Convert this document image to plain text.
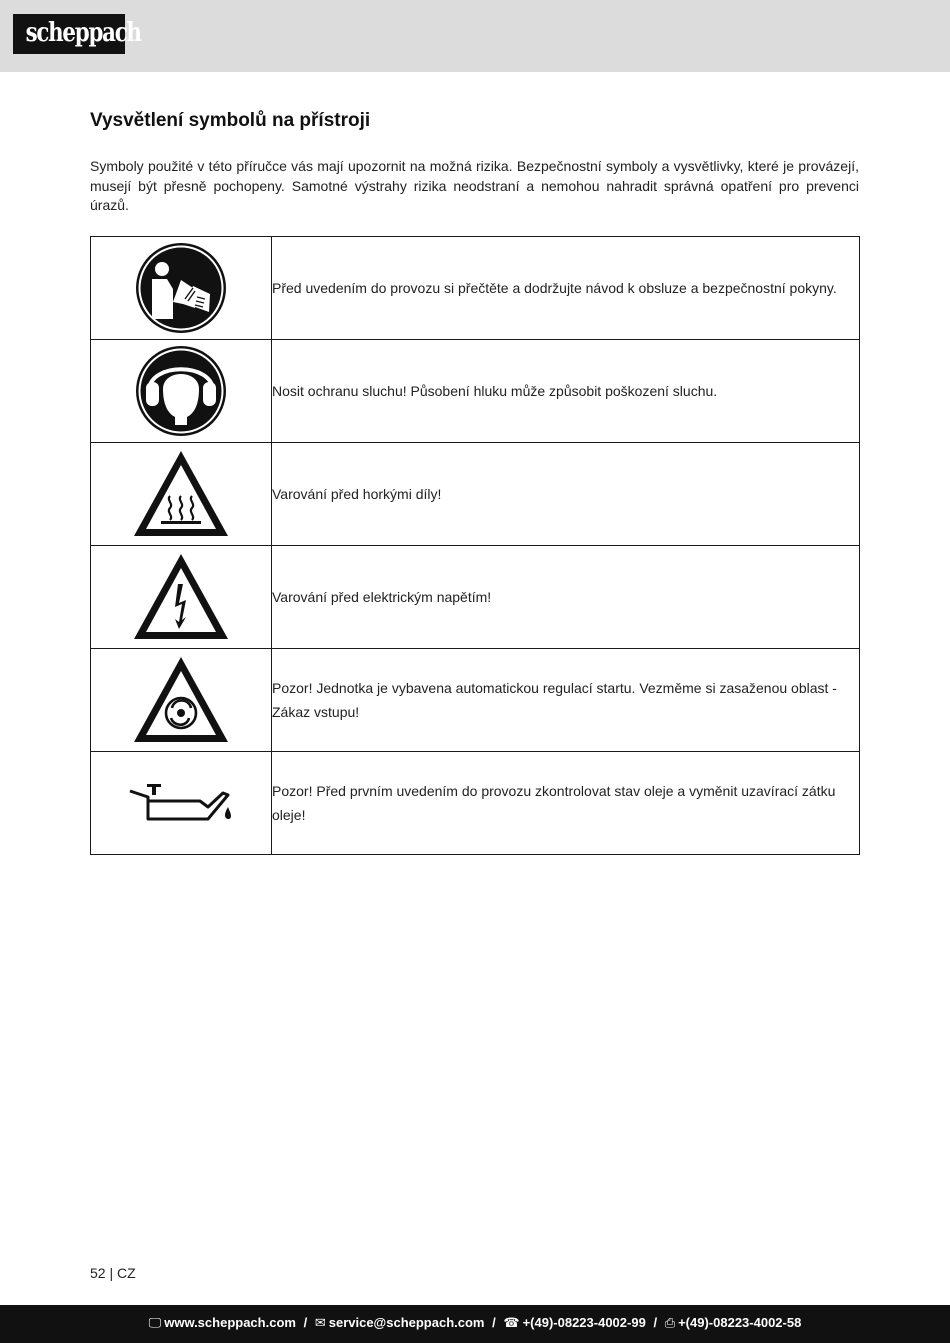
scheppach
Vysvětlení symbolů na přístroji

Symboly použité v této příručce vás mají upozornit na možná rizika. Bezpečnostní symboly a vysvětlivky, které je provázejí, musejí být přesně pochopeny. Samotné výstrahy rizika neodstraní a nemohou nahradit správná opatření pro prevenci úrazů.

	Před uvedením do provozu si přečtěte a dodržujte návod k obsluze a bezpečnostní pokyny.

	Nosit ochranu sluchu! Působení hluku může způsobit poškození sluchu.

	Varování před horkými díly!

	Varování před elektrickým napětím!

	Pozor! Jednotka je vybavena automatickou regulací startu. Vezměme si zasaženou oblast - Zákaz vstupu!

	Pozor! Před prvním uvedením do provozu zkontrolovat stav oleje a vyměnit uzavírací zátku oleje!
52 | CZ
🖵 www.scheppach.com / ✉ service@scheppach.com / ☎ +(49)-08223-4002-99 / ⎙ +(49)-08223-4002-58
